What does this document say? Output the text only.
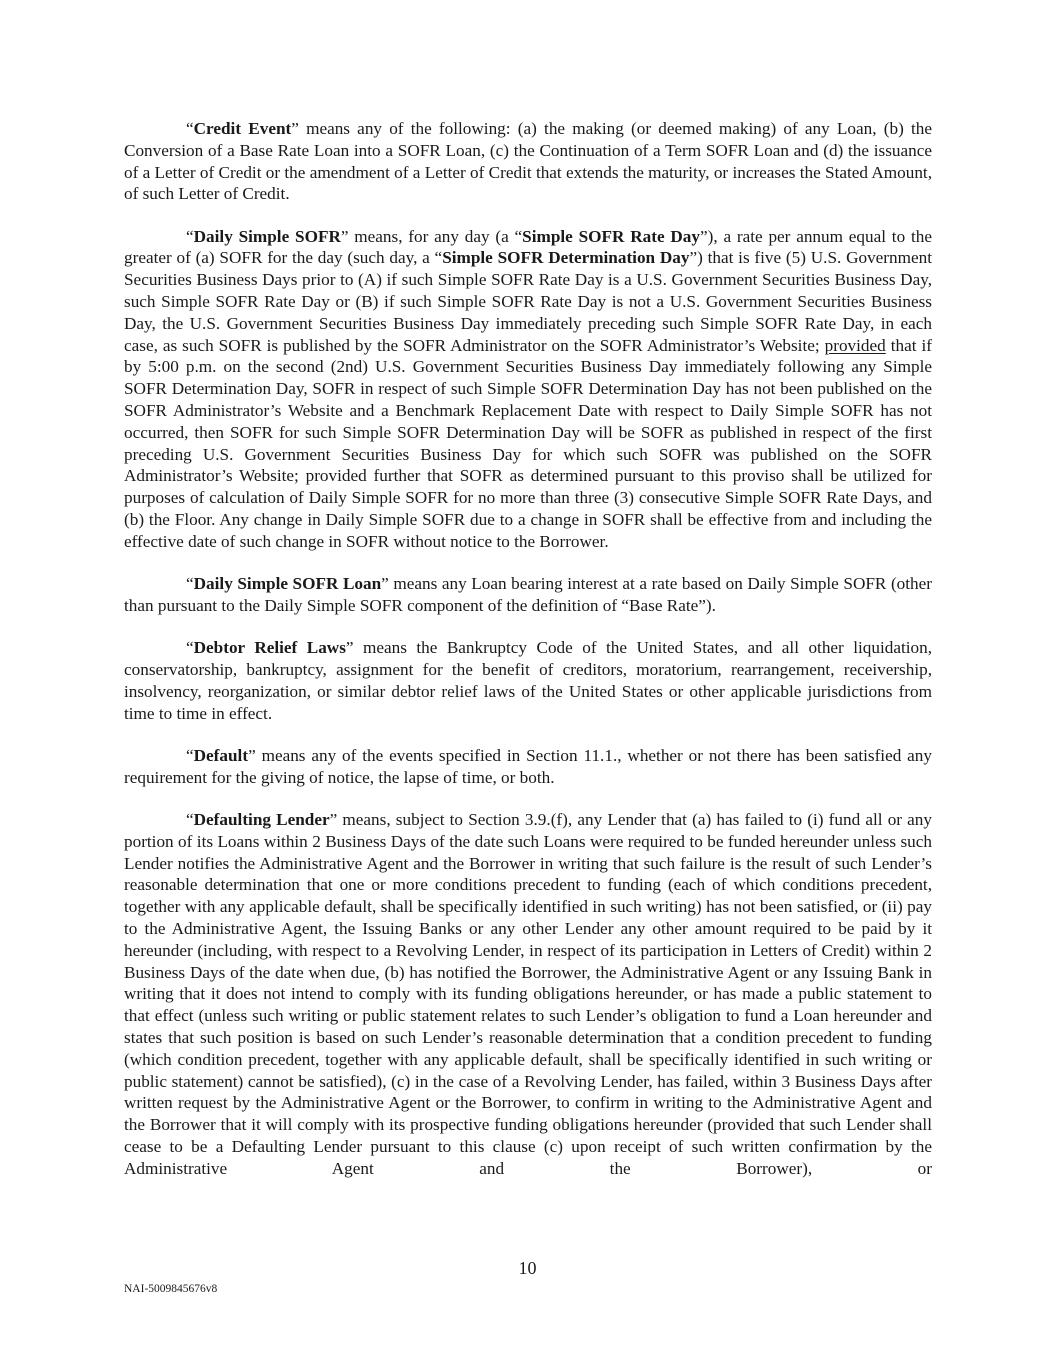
“Credit Event” means any of the following: (a) the making (or deemed making) of any Loan, (b) the Conversion of a Base Rate Loan into a SOFR Loan, (c) the Continuation of a Term SOFR Loan and (d) the issuance of a Letter of Credit or the amendment of a Letter of Credit that extends the maturity, or increases the Stated Amount, of such Letter of Credit.

“Daily Simple SOFR” means, for any day (a “Simple SOFR Rate Day”), a rate per annum equal to the greater of (a) SOFR for the day (such day, a “Simple SOFR Determination Day”) that is five (5) U.S. Government Securities Business Days prior to (A) if such Simple SOFR Rate Day is a U.S. Government Securities Business Day, such Simple SOFR Rate Day or (B) if such Simple SOFR Rate Day is not a U.S. Government Securities Business Day, the U.S. Government Securities Business Day immediately preceding such Simple SOFR Rate Day, in each case, as such SOFR is published by the SOFR Administrator on the SOFR Administrator’s Website; provided that if by 5:00 p.m. on the second (2nd) U.S. Government Securities Business Day immediately following any Simple SOFR Determination Day, SOFR in respect of such Simple SOFR Determination Day has not been published on the SOFR Administrator’s Website and a Benchmark Replacement Date with respect to Daily Simple SOFR has not occurred, then SOFR for such Simple SOFR Determination Day will be SOFR as published in respect of the first preceding U.S. Government Securities Business Day for which such SOFR was published on the SOFR Administrator’s Website; provided further that SOFR as determined pursuant to this proviso shall be utilized for purposes of calculation of Daily Simple SOFR for no more than three (3) consecutive Simple SOFR Rate Days, and (b) the Floor. Any change in Daily Simple SOFR due to a change in SOFR shall be effective from and including the effective date of such change in SOFR without notice to the Borrower.

“Daily Simple SOFR Loan” means any Loan bearing interest at a rate based on Daily Simple SOFR (other than pursuant to the Daily Simple SOFR component of the definition of “Base Rate”).

“Debtor Relief Laws” means the Bankruptcy Code of the United States, and all other liquidation, conservatorship, bankruptcy, assignment for the benefit of creditors, moratorium, rearrangement, receivership, insolvency, reorganization, or similar debtor relief laws of the United States or other applicable jurisdictions from time to time in effect.

“Default” means any of the events specified in Section 11.1., whether or not there has been satisfied any requirement for the giving of notice, the lapse of time, or both.

“Defaulting Lender” means, subject to Section 3.9.(f), any Lender that (a) has failed to (i) fund all or any portion of its Loans within 2 Business Days of the date such Loans were required to be funded hereunder unless such Lender notifies the Administrative Agent and the Borrower in writing that such failure is the result of such Lender’s reasonable determination that one or more conditions precedent to funding (each of which conditions precedent, together with any applicable default, shall be specifically identified in such writing) has not been satisfied, or (ii) pay to the Administrative Agent, the Issuing Banks or any other Lender any other amount required to be paid by it hereunder (including, with respect to a Revolving Lender, in respect of its participation in Letters of Credit) within 2 Business Days of the date when due, (b) has notified the Borrower, the Administrative Agent or any Issuing Bank in writing that it does not intend to comply with its funding obligations hereunder, or has made a public statement to that effect (unless such writing or public statement relates to such Lender’s obligation to fund a Loan hereunder and states that such position is based on such Lender’s reasonable determination that a condition precedent to funding (which condition precedent, together with any applicable default, shall be specifically identified in such writing or public statement) cannot be satisfied), (c) in the case of a Revolving Lender, has failed, within 3 Business Days after written request by the Administrative Agent or the Borrower, to confirm in writing to the Administrative Agent and the Borrower that it will comply with its prospective funding obligations hereunder (provided that such Lender shall cease to be a Defaulting Lender pursuant to this clause (c) upon receipt of such written confirmation by the Administrative Agent and the Borrower), or

10
NAI-5009845676v8
